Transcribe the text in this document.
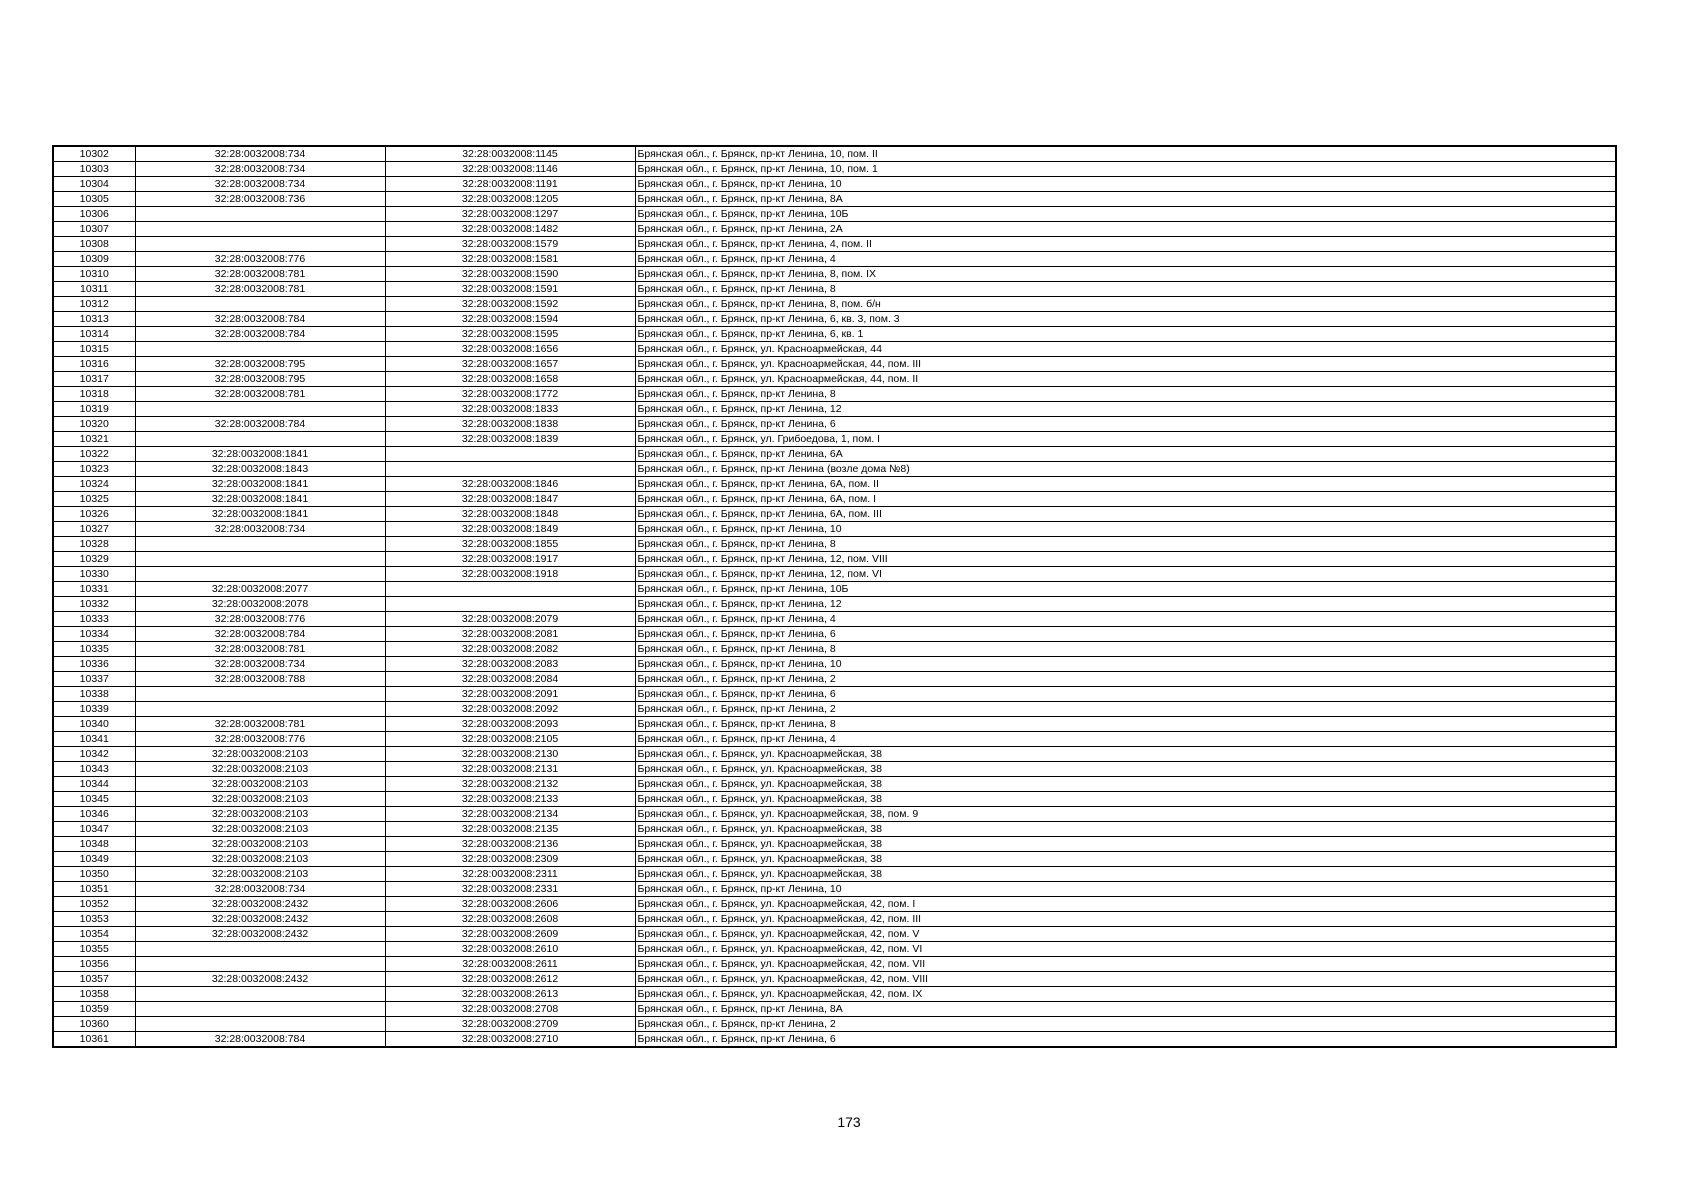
10302	32:28:0032008:734	32:28:0032008:1145	Брянская обл., г. Брянск, пр-кт Ленина, 10, пом. II
10303	32:28:0032008:734	32:28:0032008:1146	Брянская обл., г. Брянск, пр-кт Ленина, 10, пом. 1
10304	32:28:0032008:734	32:28:0032008:1191	Брянская обл., г. Брянск, пр-кт Ленина, 10
10305	32:28:0032008:736	32:28:0032008:1205	Брянская обл., г. Брянск, пр-кт Ленина, 8А
10306		32:28:0032008:1297	Брянская обл., г. Брянск, пр-кт Ленина, 10Б
10307		32:28:0032008:1482	Брянская обл., г. Брянск, пр-кт Ленина, 2А
10308		32:28:0032008:1579	Брянская обл., г. Брянск, пр-кт Ленина, 4, пом. II
10309	32:28:0032008:776	32:28:0032008:1581	Брянская обл., г. Брянск, пр-кт Ленина, 4
10310	32:28:0032008:781	32:28:0032008:1590	Брянская обл., г. Брянск, пр-кт Ленина, 8, пом. IX
10311	32:28:0032008:781	32:28:0032008:1591	Брянская обл., г. Брянск, пр-кт Ленина, 8
10312		32:28:0032008:1592	Брянская обл., г. Брянск, пр-кт Ленина, 8, пом. б/н
10313	32:28:0032008:784	32:28:0032008:1594	Брянская обл., г. Брянск, пр-кт Ленина, 6, кв. 3, пом. 3
10314	32:28:0032008:784	32:28:0032008:1595	Брянская обл., г. Брянск, пр-кт Ленина, 6, кв. 1
10315		32:28:0032008:1656	Брянская обл., г. Брянск, ул. Красноармейская, 44
10316	32:28:0032008:795	32:28:0032008:1657	Брянская обл., г. Брянск, ул. Красноармейская, 44, пом. III
10317	32:28:0032008:795	32:28:0032008:1658	Брянская обл., г. Брянск, ул. Красноармейская, 44, пом. II
10318	32:28:0032008:781	32:28:0032008:1772	Брянская обл., г. Брянск, пр-кт Ленина, 8
10319		32:28:0032008:1833	Брянская обл., г. Брянск, пр-кт Ленина, 12
10320	32:28:0032008:784	32:28:0032008:1838	Брянская обл., г. Брянск, пр-кт Ленина, 6
10321		32:28:0032008:1839	Брянская обл., г. Брянск, ул. Грибоедова, 1, пом. I
10322	32:28:0032008:1841		Брянская обл., г. Брянск, пр-кт Ленина, 6А
10323	32:28:0032008:1843		Брянская обл., г. Брянск, пр-кт Ленина (возле дома №8)
10324	32:28:0032008:1841	32:28:0032008:1846	Брянская обл., г. Брянск, пр-кт Ленина, 6А, пом. II
10325	32:28:0032008:1841	32:28:0032008:1847	Брянская обл., г. Брянск, пр-кт Ленина, 6А, пом. I
10326	32:28:0032008:1841	32:28:0032008:1848	Брянская обл., г. Брянск, пр-кт Ленина, 6А, пом. III
10327	32:28:0032008:734	32:28:0032008:1849	Брянская обл., г. Брянск, пр-кт Ленина, 10
10328		32:28:0032008:1855	Брянская обл., г. Брянск, пр-кт Ленина, 8
10329		32:28:0032008:1917	Брянская обл., г. Брянск, пр-кт Ленина, 12, пом. VIII
10330		32:28:0032008:1918	Брянская обл., г. Брянск, пр-кт Ленина, 12, пом. VI
10331	32:28:0032008:2077		Брянская обл., г. Брянск, пр-кт Ленина, 10Б
10332	32:28:0032008:2078		Брянская обл., г. Брянск, пр-кт Ленина, 12
10333	32:28:0032008:776	32:28:0032008:2079	Брянская обл., г. Брянск, пр-кт Ленина, 4
10334	32:28:0032008:784	32:28:0032008:2081	Брянская обл., г. Брянск, пр-кт Ленина, 6
10335	32:28:0032008:781	32:28:0032008:2082	Брянская обл., г. Брянск, пр-кт Ленина, 8
10336	32:28:0032008:734	32:28:0032008:2083	Брянская обл., г. Брянск, пр-кт Ленина, 10
10337	32:28:0032008:788	32:28:0032008:2084	Брянская обл., г. Брянск, пр-кт Ленина, 2
10338		32:28:0032008:2091	Брянская обл., г. Брянск, пр-кт Ленина, 6
10339		32:28:0032008:2092	Брянская обл., г. Брянск, пр-кт Ленина, 2
10340	32:28:0032008:781	32:28:0032008:2093	Брянская обл., г. Брянск, пр-кт Ленина, 8
10341	32:28:0032008:776	32:28:0032008:2105	Брянская обл., г. Брянск, пр-кт Ленина, 4
10342	32:28:0032008:2103	32:28:0032008:2130	Брянская обл., г. Брянск, ул. Красноармейская, 38
10343	32:28:0032008:2103	32:28:0032008:2131	Брянская обл., г. Брянск, ул. Красноармейская, 38
10344	32:28:0032008:2103	32:28:0032008:2132	Брянская обл., г. Брянск, ул. Красноармейская, 38
10345	32:28:0032008:2103	32:28:0032008:2133	Брянская обл., г. Брянск, ул. Красноармейская, 38
10346	32:28:0032008:2103	32:28:0032008:2134	Брянская обл., г. Брянск, ул. Красноармейская, 38, пом. 9
10347	32:28:0032008:2103	32:28:0032008:2135	Брянская обл., г. Брянск, ул. Красноармейская, 38
10348	32:28:0032008:2103	32:28:0032008:2136	Брянская обл., г. Брянск, ул. Красноармейская, 38
10349	32:28:0032008:2103	32:28:0032008:2309	Брянская обл., г. Брянск, ул. Красноармейская, 38
10350	32:28:0032008:2103	32:28:0032008:2311	Брянская обл., г. Брянск, ул. Красноармейская, 38
10351	32:28:0032008:734	32:28:0032008:2331	Брянская обл., г. Брянск, пр-кт Ленина, 10
10352	32:28:0032008:2432	32:28:0032008:2606	Брянская обл., г. Брянск, ул. Красноармейская, 42, пом. I
10353	32:28:0032008:2432	32:28:0032008:2608	Брянская обл., г. Брянск, ул. Красноармейская, 42, пом. III
10354	32:28:0032008:2432	32:28:0032008:2609	Брянская обл., г. Брянск, ул. Красноармейская, 42, пом. V
10355		32:28:0032008:2610	Брянская обл., г. Брянск, ул. Красноармейская, 42, пом. VI
10356		32:28:0032008:2611	Брянская обл., г. Брянск, ул. Красноармейская, 42, пом. VII
10357	32:28:0032008:2432	32:28:0032008:2612	Брянская обл., г. Брянск, ул. Красноармейская, 42, пом. VIII
10358		32:28:0032008:2613	Брянская обл., г. Брянск, ул. Красноармейская, 42, пом. IX
10359		32:28:0032008:2708	Брянская обл., г. Брянск, пр-кт Ленина, 8А
10360		32:28:0032008:2709	Брянская обл., г. Брянск, пр-кт Ленина, 2
10361	32:28:0032008:784	32:28:0032008:2710	Брянская обл., г. Брянск, пр-кт Ленина, 6
173
